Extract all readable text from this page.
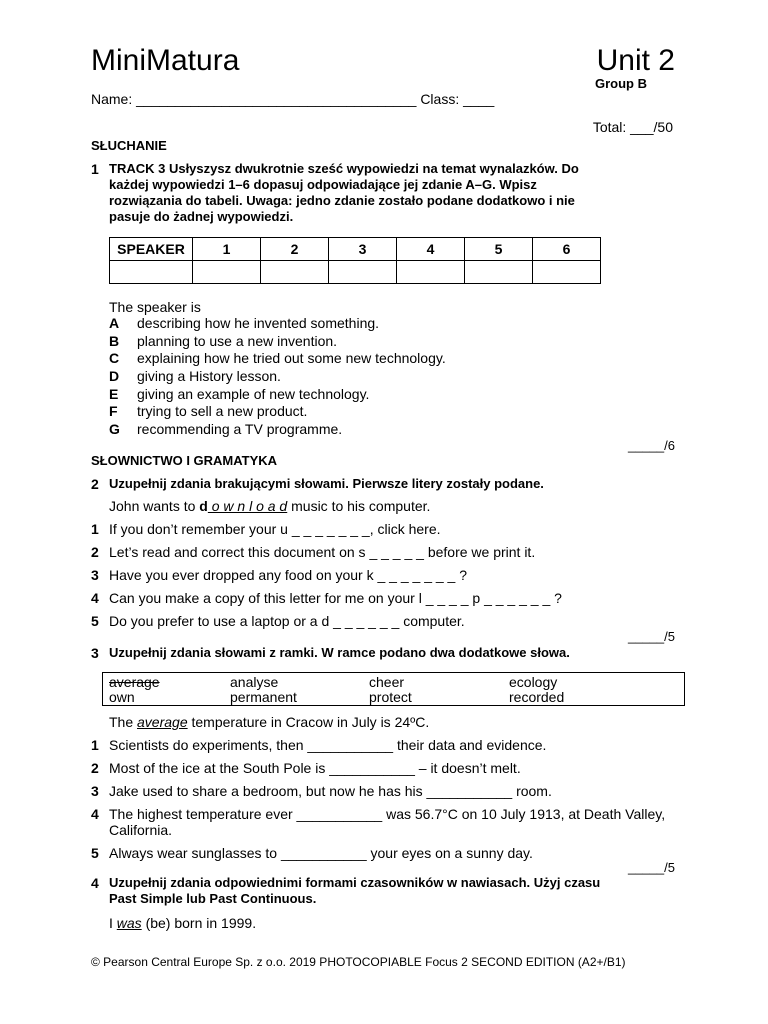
MiniMatura	Unit 2
Group B
Name: ____________________________________ Class: ____
Total: ___/50
SŁUCHANIE
1 TRACK 3 Usłyszysz dwukrotnie sześć wypowiedzi na temat wynalazków. Do
każdej wypowiedzi 1–6 dopasuj odpowiadające jej zdanie A–G. Wpisz
rozwiązania do tabeli. Uwaga: jedno zdanie zostało podane dodatkowo i nie
pasuje do żadnej wypowiedzi.
SPEAKER	1	2	3	4	5	6

The speaker is
A describing how he invented something.
B planning to use a new invention.
C explaining how he tried out some new technology.
D giving a History lesson.
E giving an example of new technology.
F trying to sell a new product.
G recommending a TV programme.
_____/6
SŁOWNICTWO I GRAMATYKA
2 Uzupełnij zdania brakującymi słowami. Pierwsze litery zostały podane.
John wants to d o w n l o a d music to his computer.
1 If you don’t remember your u _ _ _ _ _ _ _, click here.
2 Let’s read and correct this document on s _ _ _ _ _ before we print it.
3 Have you ever dropped any food on your k _ _ _ _ _ _ _ ?
4 Can you make a copy of this letter for me on your l _ _ _ _ p _ _ _ _ _ _ ?
5 Do you prefer to use a laptop or a d _ _ _ _ _ _ computer.
_____/5
3 Uzupełnij zdania słowami z ramki. W ramce podano dwa dodatkowe słowa.
average	analyse	cheer	ecology
own	permanent	protect	recorded
The average temperature in Cracow in July is 24ºC.
1 Scientists do experiments, then ___________ their data and evidence.
2 Most of the ice at the South Pole is ___________ – it doesn’t melt.
3 Jake used to share a bedroom, but now he has his ___________ room.
4 The highest temperature ever ___________ was 56.7°C on 10 July 1913, at Death Valley,
California.
5 Always wear sunglasses to ___________ your eyes on a sunny day.
_____/5
4 Uzupełnij zdania odpowiednimi formami czasowników w nawiasach. Użyj czasu
Past Simple lub Past Continuous.
I was (be) born in 1999.
© Pearson Central Europe Sp. z o.o. 2019 PHOTOCOPIABLE Focus 2 SECOND EDITION (A2+/B1)
